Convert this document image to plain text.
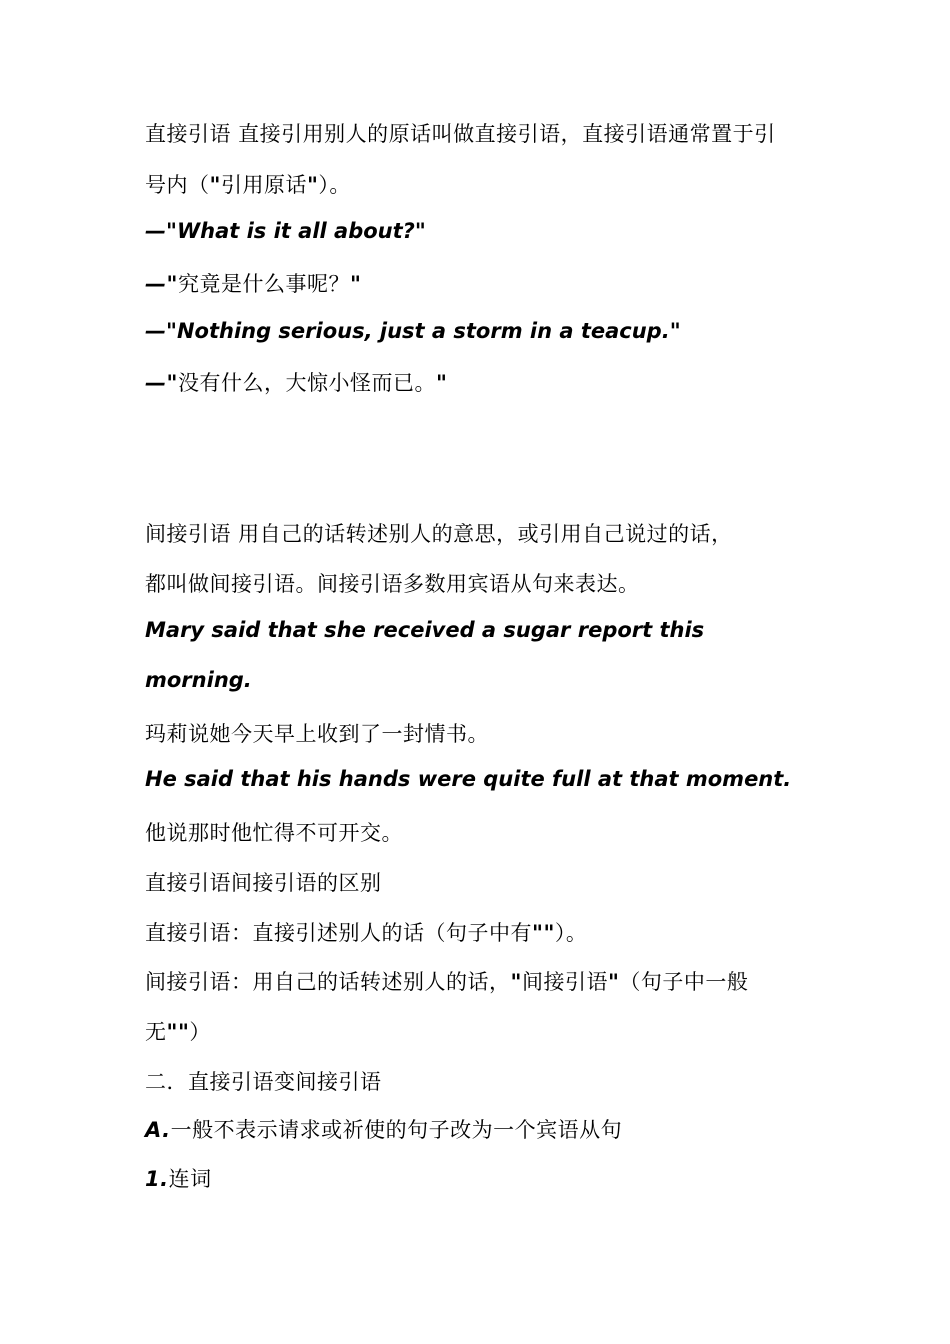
直接引语 直接引用别人的原话叫做直接引语，直接引语通常置于引
号内（"引用原话"）。
—"What is it all about?"
—"究竟是什么事呢？"
—"Nothing serious, just a storm in a teacup."
—"没有什么，大惊小怪而已。"
间接引语 用自己的话转述别人的意思，或引用自己说过的话，
都叫做间接引语。间接引语多数用宾语从句来表达。
Mary said that she received a sugar report this
morning.
玛莉说她今天早上收到了一封情书。
He said that his hands were quite full at that moment.
他说那时他忙得不可开交。
直接引语间接引语的区别
直接引语：直接引述别人的话（句子中有""）。
间接引语：用自己的话转述别人的话，"间接引语"（句子中一般
无""）
二．直接引语变间接引语
A.一般不表示请求或祈使的句子改为一个宾语从句
1.连词
